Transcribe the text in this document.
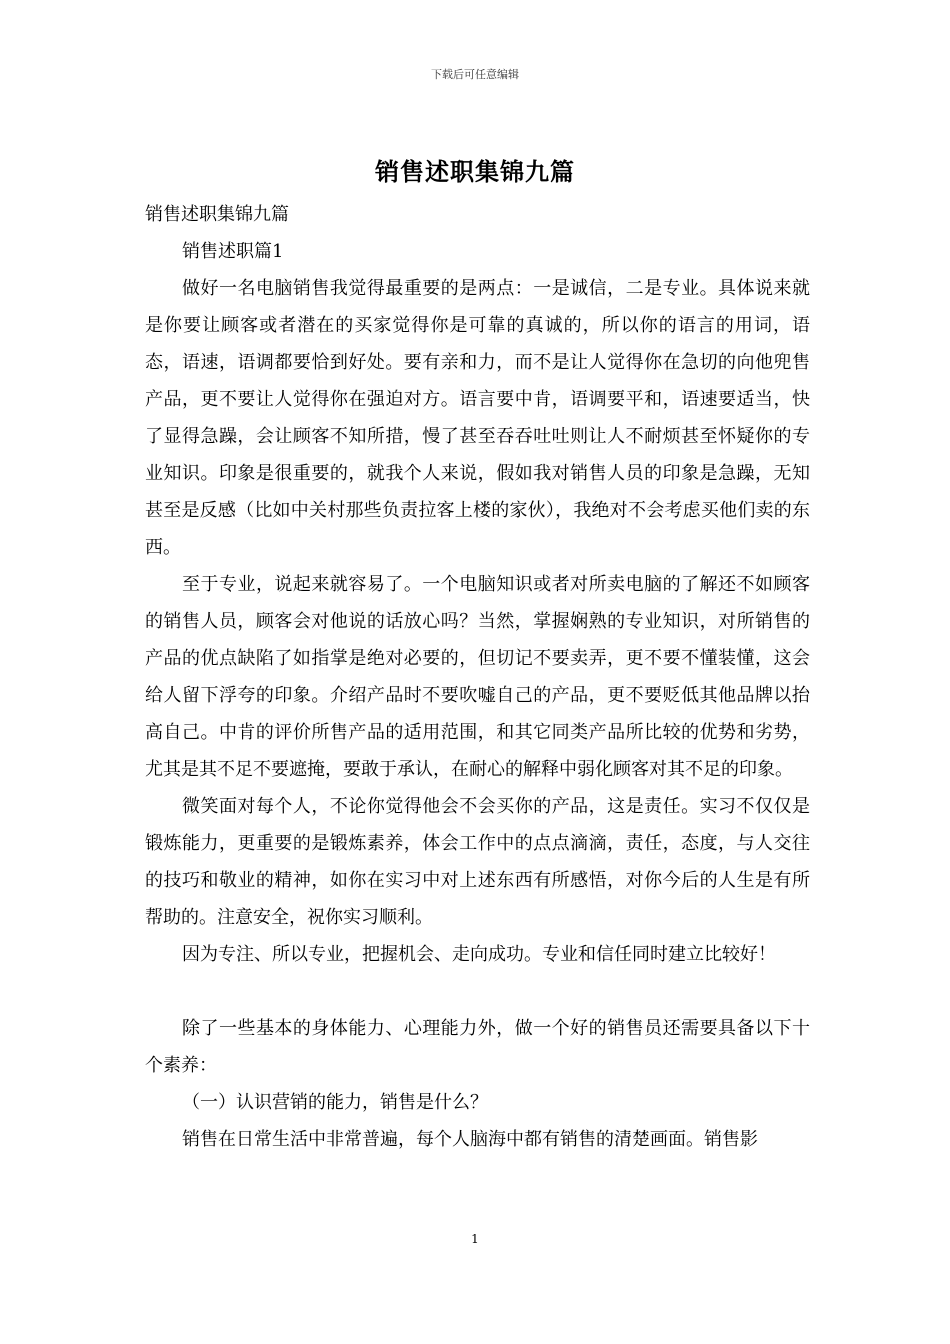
下载后可任意编辑
销售述职集锦九篇

销售述职集锦九篇

销售述职篇1

做好一名电脑销售我觉得最重要的是两点：一是诚信，二是专业。具体说来就是你要让顾客或者潜在的买家觉得你是可靠的真诚的，所以你的语言的用词，语态，语速，语调都要恰到好处。要有亲和力，而不是让人觉得你在急切的向他兜售产品，更不要让人觉得你在强迫对方。语言要中肯，语调要平和，语速要适当，快了显得急躁，会让顾客不知所措，慢了甚至吞吞吐吐则让人不耐烦甚至怀疑你的专业知识。印象是很重要的，就我个人来说，假如我对销售人员的印象是急躁，无知甚至是反感（比如中关村那些负责拉客上楼的家伙），我绝对不会考虑买他们卖的东西。

至于专业，说起来就容易了。一个电脑知识或者对所卖电脑的了解还不如顾客的销售人员，顾客会对他说的话放心吗？当然，掌握娴熟的专业知识，对所销售的产品的优点缺陷了如指掌是绝对必要的，但切记不要卖弄，更不要不懂装懂，这会给人留下浮夸的印象。介绍产品时不要吹嘘自己的产品，更不要贬低其他品牌以抬高自己。中肯的评价所售产品的适用范围，和其它同类产品所比较的优势和劣势，尤其是其不足不要遮掩，要敢于承认，在耐心的解释中弱化顾客对其不足的印象。

微笑面对每个人，不论你觉得他会不会买你的产品，这是责任。实习不仅仅是锻炼能力，更重要的是锻炼素养，体会工作中的点点滴滴，责任，态度，与人交往的技巧和敬业的精神，如你在实习中对上述东西有所感悟，对你今后的人生是有所帮助的。注意安全，祝你实习顺利。

因为专注、所以专业，把握机会、走向成功。专业和信任同时建立比较好！

除了一些基本的身体能力、心理能力外，做一个好的销售员还需要具备以下十个素养：

（一）认识营销的能力，销售是什么？

销售在日常生活中非常普遍，每个人脑海中都有销售的清楚画面。销售影

1
